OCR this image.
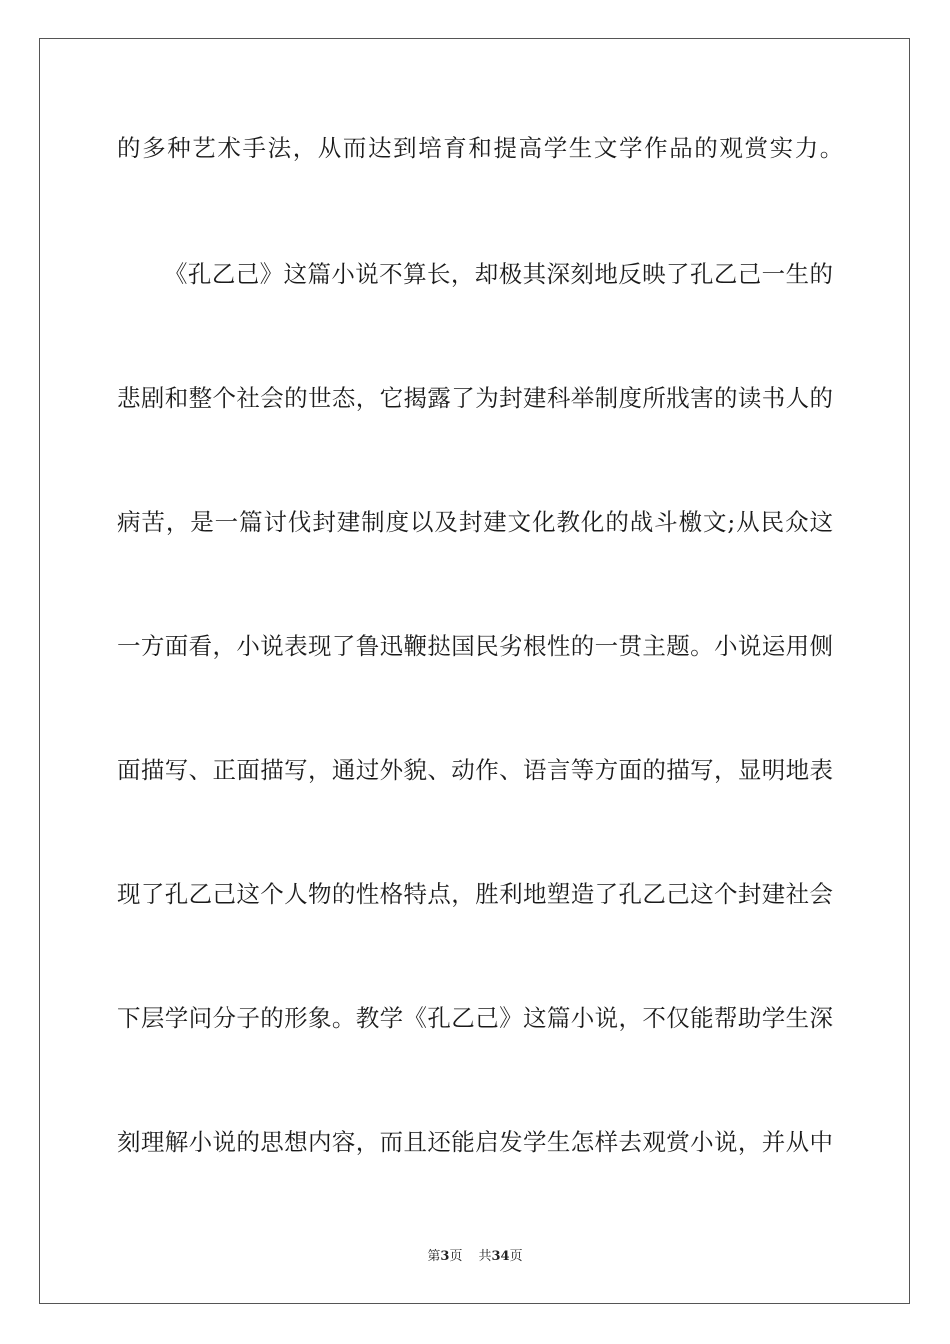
的多种艺术手法，从而达到培育和提高学生文学作品的观赏实力。
《孔乙己》这篇小说不算长，却极其深刻地反映了孔乙己一生的
悲剧和整个社会的世态，它揭露了为封建科举制度所戕害的读书人的
病苦，是一篇讨伐封建制度以及封建文化教化的战斗檄文;从民众这
一方面看，小说表现了鲁迅鞭挞国民劣根性的一贯主题。小说运用侧
面描写、正面描写，通过外貌、动作、语言等方面的描写，显明地表
现了孔乙己这个人物的性格特点，胜利地塑造了孔乙己这个封建社会
下层学问分子的形象。教学《孔乙己》这篇小说，不仅能帮助学生深
刻理解小说的思想内容，而且还能启发学生怎样去观赏小说，并从中
第3页 共34页
